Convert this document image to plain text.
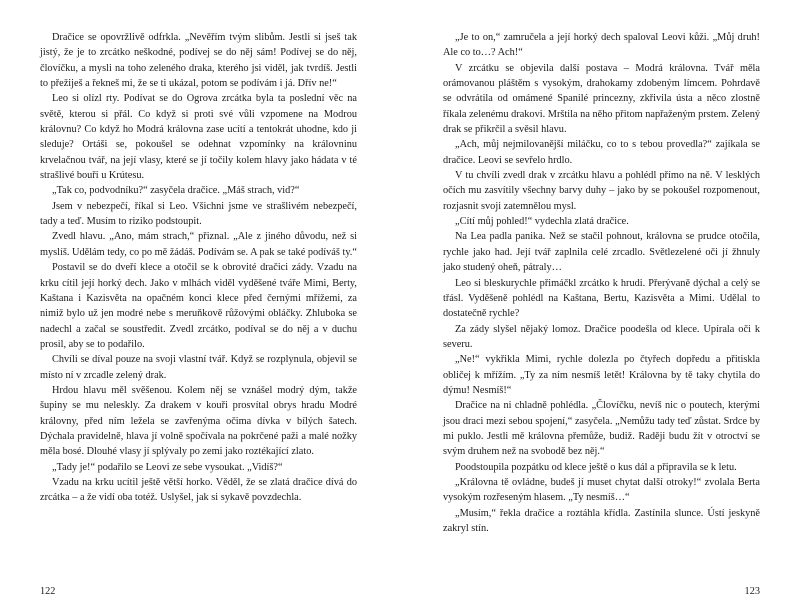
Dračice se opovržlivě odfrkla. „Nevěřím tvým slibům. Jestli si jseš tak jistý, že je to zrcátko neškodné, podívej se do něj sám! Podívej se do něj, človíčku, a mysli na toho zeleného draka, kterého jsi viděl, jak tvrdíš. Jestli to přežiješ a řekneš mi, že se ti ukázal, potom se podívám i já. Dřív ne!“

Leo si olízl rty. Podívat se do Ogrova zrcátka byla ta poslední věc na světě, kterou si přál. Co když si proti své vůli vzpomene na Modrou královnu? Co když ho Modrá královna zase ucítí a tentokrát uhodne, kdo ji sleduje? Ortáši se, pokoušel se odehnat vzpomínky na královninu krvelačnou tvář, na její vlasy, které se jí točily kolem hlavy jako hádata v té strašlivé bouři u Krútesu.

„Tak co, podvodníku?“ zasyčela dračice. „Máš strach, vid?“

Jsem v nebezpečí, říkal si Leo. Všichni jsme ve strašlivém nebezpečí, tady a teď. Musím to riziko podstoupit.

Zvedl hlavu. „Ano, mám strach,“ přiznal. „Ale z jiného důvodu, než si myslíš. Udělám tedy, co po mě žádáš. Podívám se. A pak se také podíváš ty.“

Postavil se do dveří klece a otočil se k obrovité dračici zády. Vzadu na krku cítil její horký dech. Jako v mlhách viděl vyděšené tváře Mimi, Berty, Kaštana i Kazisvěta na opačném konci klece před černými mřížemi, za nimiž bylo už jen modré nebe s meruňkově růžovými obláčky. Zhluboka se nadechl a začal se soustředit. Zvedl zrcátko, podíval se do něj a v duchu prosil, aby se to podařilo.

Chvíli se díval pouze na svoji vlastní tvář. Když se rozplynula, objevil se místo ní v zrcadle zelený drak.

Hrdou hlavu měl svěšenou. Kolem něj se vznášel modrý dým, takže šupiny se mu neleskly. Za drakem v kouři prosvítal obrys hradu Modré královny, před ním ležela se zavřenýma očima dívka v bílých šatech. Dýchala pravidelně, hlava jí volně spočívala na pokrčené paži a malé nožky měla bosé. Dlouhé vlasy jí splývaly po zemi jako roztékající zlato.

„Tady je!“ podařilo se Leovi ze sebe vysoukat. „Vidíš?“

Vzadu na krku ucítil ještě větší horko. Věděl, že se zlatá dračice dívá do zrcátka – a že vidí oba totéž. Uslyšel, jak si sykavě povzdechla.

122

„Je to on,“ zamručela a její horký dech spaloval Leovi kůži. „Můj druh! Ale co to…? Ach!“

V zrcátku se objevila další postava – Modrá královna. Tvář měla orámovanou pláštěm s vysokým, drahokamy zdobeným límcem. Pohrdavě se odvrátila od omámené Spanilé princezny, zkřivila ústa a něco zlostně říkala zelenému drakovi. Mrštila na něho přitom napřaženým prstem. Zelený drak se přikrčil a svěsil hlavu.

„Ach, můj nejmilovanější miláčku, co to s tebou provedla?“ zajíkala se dračice. Leovi se sevřelo hrdlo.

V tu chvíli zvedl drak v zrcátku hlavu a pohlédl přímo na ně. V lesklých očích mu zasvítily všechny barvy duhy – jako by se pokoušel rozpomenout, rozjasnit svoji zatemnělou mysl.

„Cítí můj pohled!“ vydechla zlatá dračice.

Na Lea padla panika. Než se stačil pohnout, královna se prudce otočila, rychle jako had. Její tvář zaplnila celé zrcadlo. Světlezelené oči jí žhnuly jako studený oheň, pátraly…

Leo si bleskurychle přimáčkl zrcátko k hrudi. Přerývaně dýchal a celý se třásl. Vyděšeně pohlédl na Kaštana, Bertu, Kazisvěta a Mimi. Udělal to dostatečně rychle?

Za zády slyšel nějaký lomoz. Dračice poodešla od klece. Upírala oči k severu.

„Ne!“ vykřikla Mimi, rychle dolezla po čtyřech dopředu a přitiskla obličej k mřížím. „Ty za ním nesmíš letět! Královna by tě taky chytila do dýmu! Nesmíš!“

Dračice na ni chladně pohlédla. „Človíčku, nevíš nic o poutech, kterými jsou draci mezi sebou spojení,“ zasyčela. „Nemůžu tady teď zůstat. Srdce by mi puklo. Jestli mě královna přemůže, budiž. Raději budu žít v otroctví se svým druhem než na svobodě bez něj.“

Poodstoupila pozpátku od klece ještě o kus dál a připravila se k letu.

„Královna tě ovládne, budeš jí muset chytat další otroky!“ zvolala Berta vysokým rozřeseným hlasem. „Ty nesmíš…“

„Musím,“ řekla dračice a roztáhla křídla. Zastínila slunce. Ústí jeskyně zakryl stín.

123
